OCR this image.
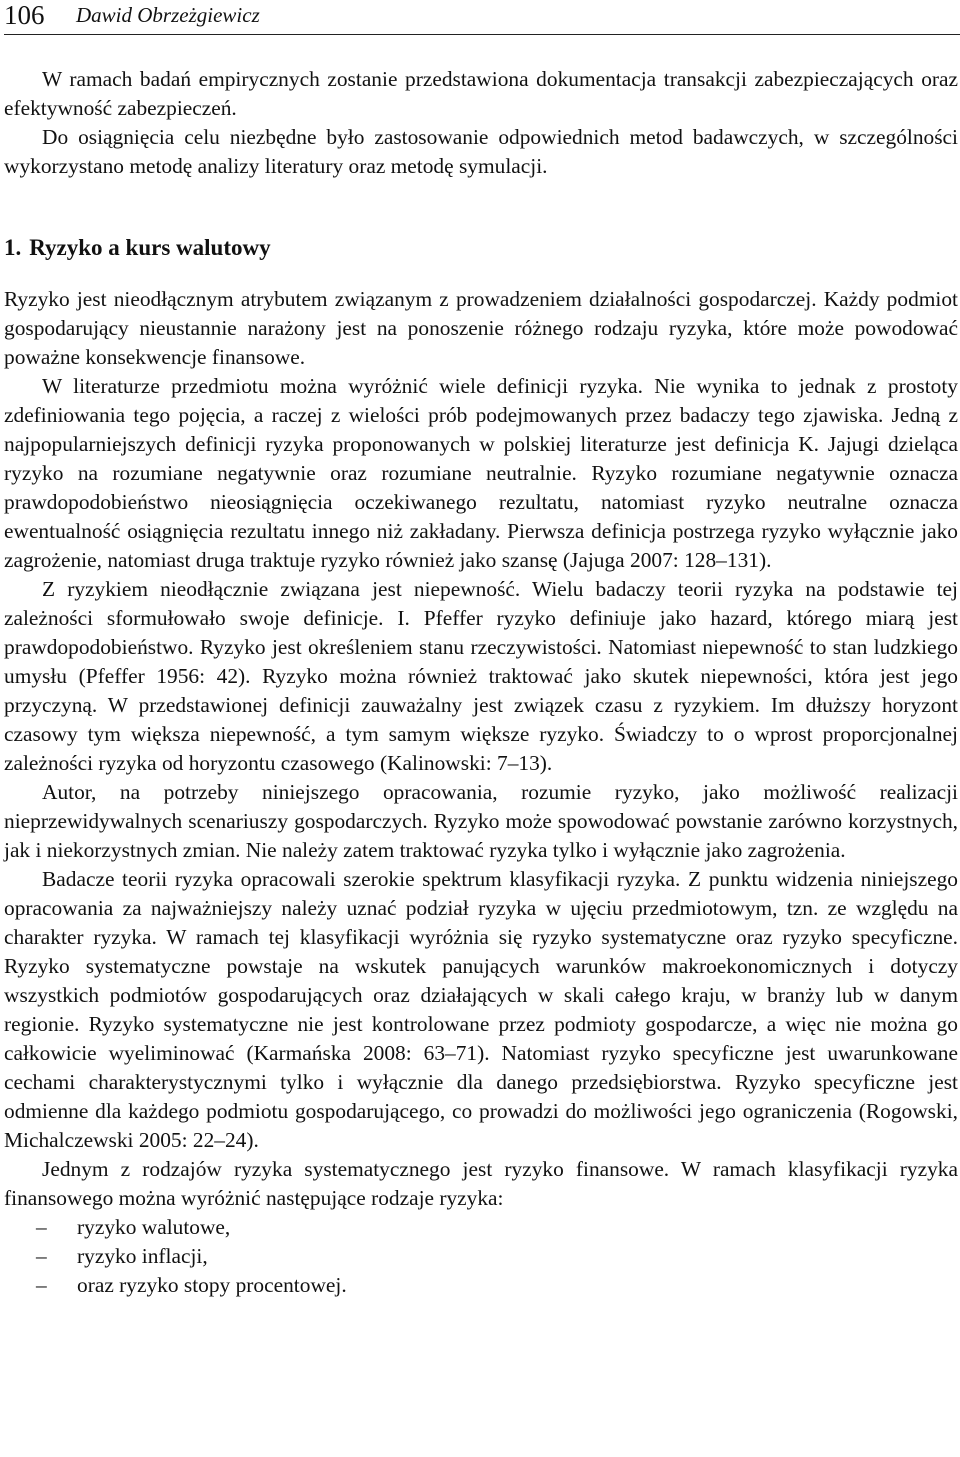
106 Dawid Obrzeżgiewicz

W ramach badań empirycznych zostanie przedstawiona dokumentacja transakcji zabezpieczających oraz efektywność zabezpieczeń.

Do osiągnięcia celu niezbędne było zastosowanie odpowiednich metod badawczych, w szczególności wykorzystano metodę analizy literatury oraz metodę symulacji.

1. Ryzyko a kurs walutowy

Ryzyko jest nieodłącznym atrybutem związanym z prowadzeniem działalności gospodarczej. Każdy podmiot gospodarujący nieustannie narażony jest na ponoszenie różnego rodzaju ryzyka, które może powodować poważne konsekwencje finansowe.

W literaturze przedmiotu można wyróżnić wiele definicji ryzyka. Nie wynika to jednak z prostoty zdefiniowania tego pojęcia, a raczej z wielości prób podejmowanych przez badaczy tego zjawiska. Jedną z najpopularniejszych definicji ryzyka proponowanych w polskiej literaturze jest definicja K. Jajugi dzieląca ryzyko na rozumiane negatywnie oraz rozumiane neutralnie. Ryzyko rozumiane negatywnie oznacza prawdopodobieństwo nieosiągnięcia oczekiwanego rezultatu, natomiast ryzyko neutralne oznacza ewentualność osiągnięcia rezultatu innego niż zakładany. Pierwsza definicja postrzega ryzyko wyłącznie jako zagrożenie, natomiast druga traktuje ryzyko również jako szansę (Jajuga 2007: 128–131).

Z ryzykiem nieodłącznie związana jest niepewność. Wielu badaczy teorii ryzyka na podstawie tej zależności sformułowało swoje definicje. I. Pfeffer ryzyko definiuje jako hazard, którego miarą jest prawdopodobieństwo. Ryzyko jest określeniem stanu rzeczywistości. Natomiast niepewność to stan ludzkiego umysłu (Pfeffer 1956: 42). Ryzyko można również traktować jako skutek niepewności, która jest jego przyczyną. W przedstawionej definicji zauważalny jest związek czasu z ryzykiem. Im dłuższy horyzont czasowy tym większa niepewność, a tym samym większe ryzyko. Świadczy to o wprost proporcjonalnej zależności ryzyka od horyzontu czasowego (Kalinowski: 7–13).

Autor, na potrzeby niniejszego opracowania, rozumie ryzyko, jako możliwość realizacji nieprzewidywalnych scenariuszy gospodarczych. Ryzyko może spowodować powstanie zarówno korzystnych, jak i niekorzystnych zmian. Nie należy zatem traktować ryzyka tylko i wyłącznie jako zagrożenia.

Badacze teorii ryzyka opracowali szerokie spektrum klasyfikacji ryzyka. Z punktu widzenia niniejszego opracowania za najważniejszy należy uznać podział ryzyka w ujęciu przedmiotowym, tzn. ze względu na charakter ryzyka. W ramach tej klasyfikacji wyróżnia się ryzyko systematyczne oraz ryzyko specyficzne. Ryzyko systematyczne powstaje na wskutek panujących warunków makroekonomicznych i dotyczy wszystkich podmiotów gospodarujących oraz działających w skali całego kraju, w branży lub w danym regionie. Ryzyko systematyczne nie jest kontrolowane przez podmioty gospodarcze, a więc nie można go całkowicie wyeliminować (Karmańska 2008: 63–71). Natomiast ryzyko specyficzne jest uwarunkowane cechami charakterystycznymi tylko i wyłącznie dla danego przedsiębiorstwa. Ryzyko specyficzne jest odmienne dla każdego podmiotu gospodarującego, co prowadzi do możliwości jego ograniczenia (Rogowski, Michalczewski 2005: 22–24).

Jednym z rodzajów ryzyka systematycznego jest ryzyko finansowe. W ramach klasyfikacji ryzyka finansowego można wyróżnić następujące rodzaje ryzyka:

– ryzyko walutowe,
– ryzyko inflacji,
– oraz ryzyko stopy procentowej.
